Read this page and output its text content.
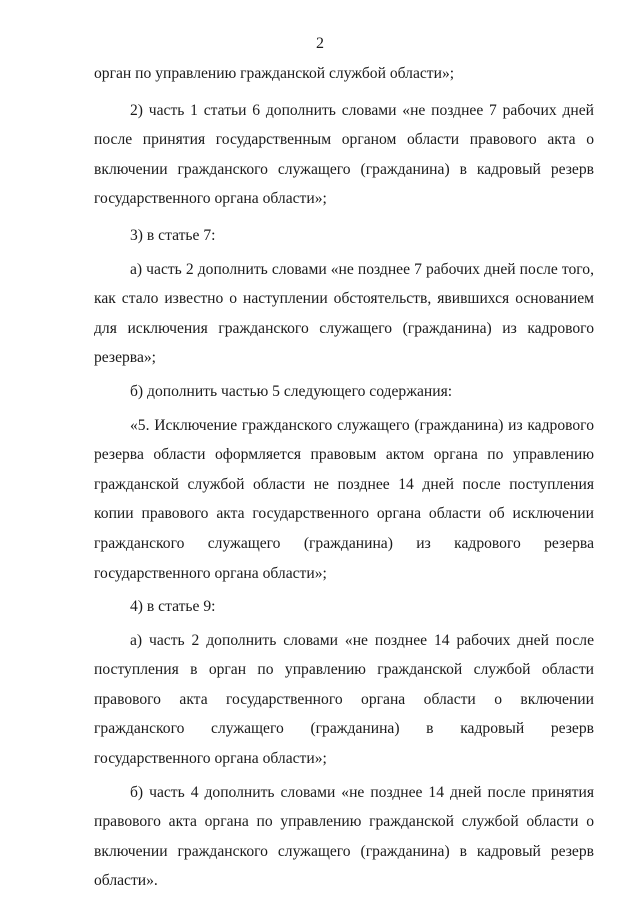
2

орган по управлению гражданской службой области»;

2) часть 1 статьи 6 дополнить словами «не позднее 7 рабочих дней после принятия государственным органом области правового акта о включении гражданского служащего (гражданина) в кадровый резерв государственного органа области»;

3) в статье 7:

а) часть 2 дополнить словами «не позднее 7 рабочих дней после того, как стало известно о наступлении обстоятельств, явившихся основанием для исключения гражданского служащего (гражданина) из кадрового резерва»;

б) дополнить частью 5 следующего содержания:

«5. Исключение гражданского служащего (гражданина) из кадрового резерва области оформляется правовым актом органа по управлению гражданской службой области не позднее 14 дней после поступления копии правового акта государственного органа области об исключении гражданского служащего (гражданина) из кадрового резерва государственного органа области»;

4) в статье 9:

а) часть 2 дополнить словами «не позднее 14 рабочих дней после поступления в орган по управлению гражданской службой области правового акта государственного органа области о включении гражданского служащего (гражданина) в кадровый резерв государственного органа области»;

б) часть 4 дополнить словами «не позднее 14 дней после принятия правового акта органа по управлению гражданской службой области о включении гражданского служащего (гражданина) в кадровый резерв области».
